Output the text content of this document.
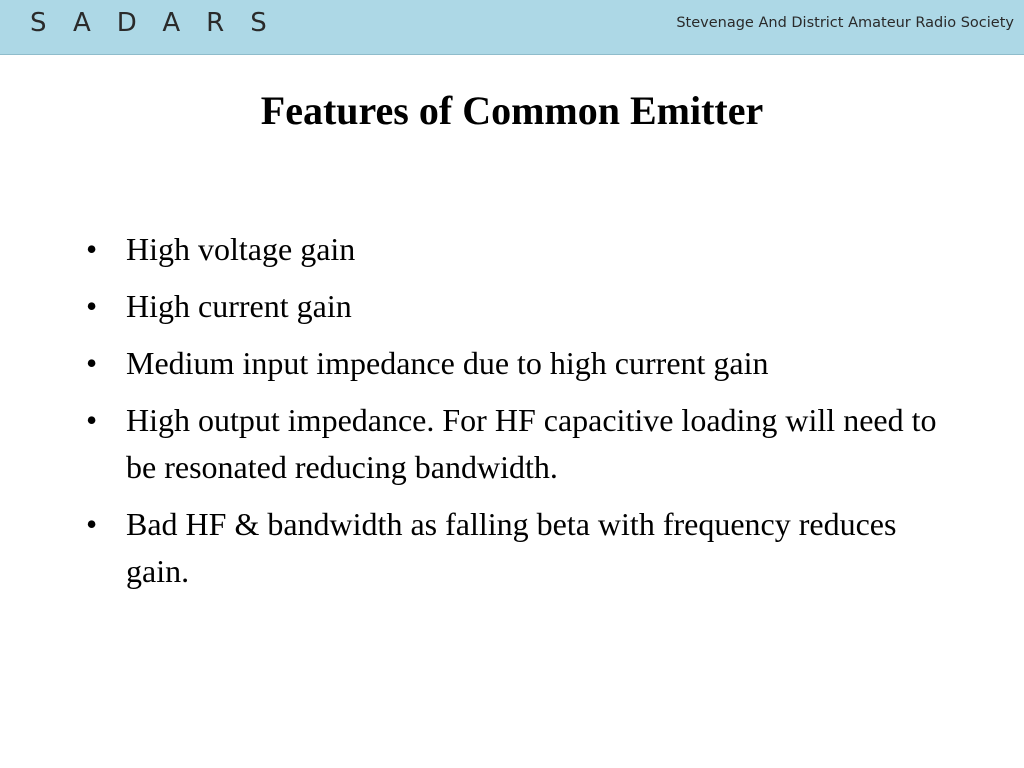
SADARS	Stevenage And District Amateur Radio Society
Features of Common Emitter
• High voltage gain
• High current gain
• Medium input impedance due to high current gain
• High output impedance. For HF capacitive loading will need to be resonated reducing bandwidth.
• Bad HF & bandwidth as falling beta with frequency reduces gain.
